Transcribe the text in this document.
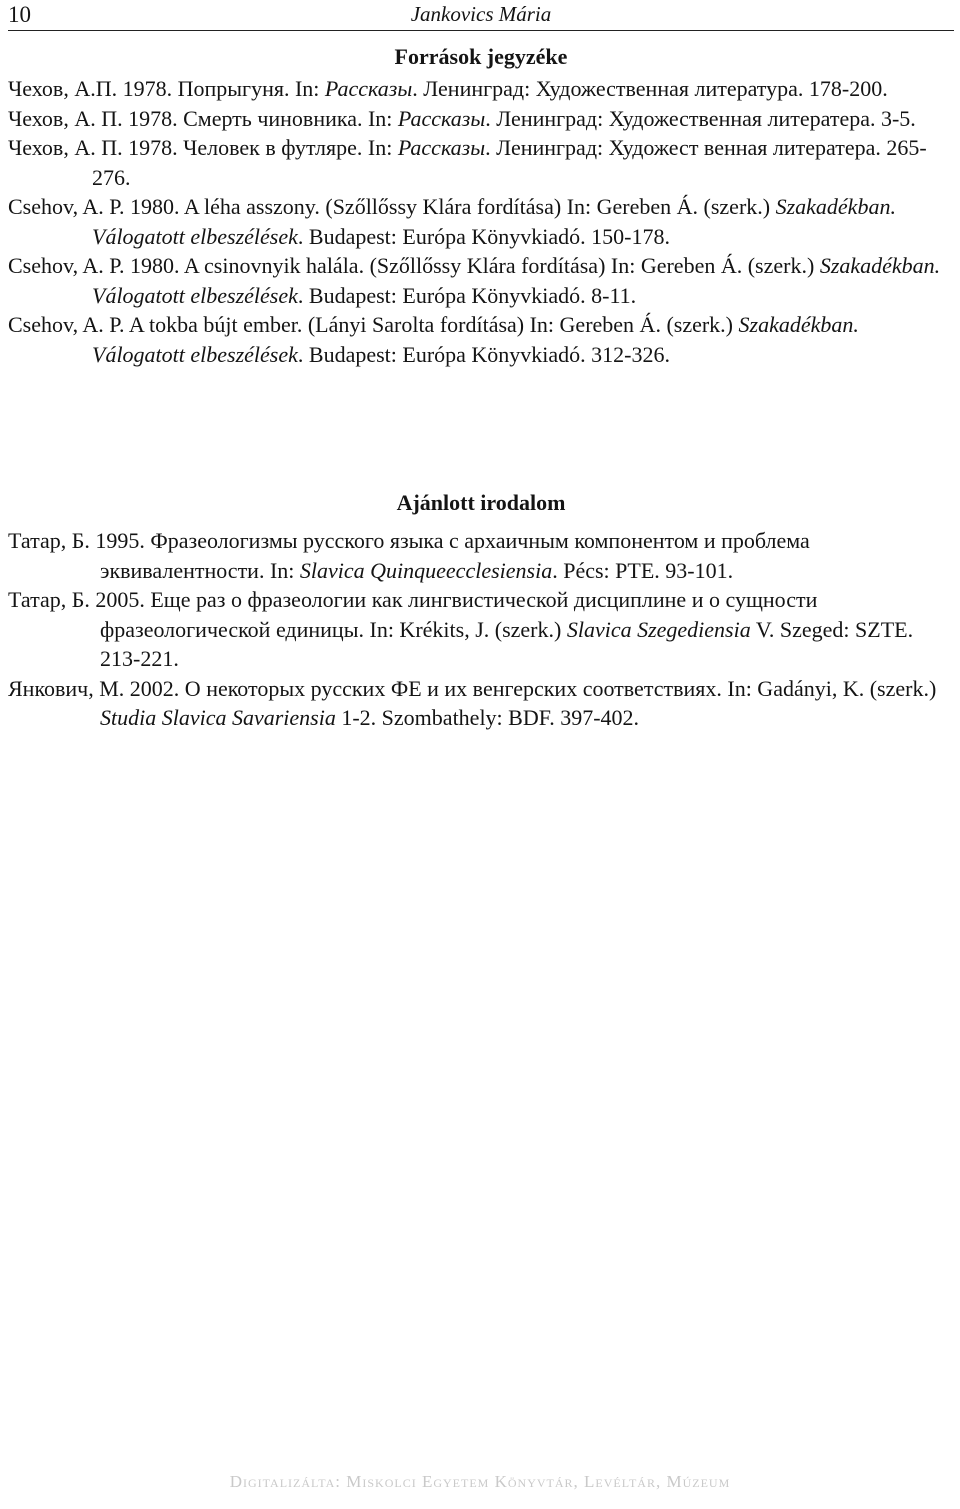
10	Jankovics Mária
Források jegyzéke
Чехов, А.П. 1978. Попрыгуня. In: Рассказы. Ленинград: Художественная литература. 178-200.
Чехов, А. П. 1978. Смерть чиновника. In: Рассказы. Ленинград: Художественная литератера. 3-5.
Чехов, А. П. 1978. Человек в футляре. In: Рассказы. Ленинград: Художест венная литератера. 265-276.
Csehov, A. P. 1980. A léha asszony. (Szőllőssy Klára fordítása) In: Gereben Á. (szerk.) Szakadékban. Válogatott elbeszélések. Budapest: Európa Könyvkiadó. 150-178.
Csehov, A. P. 1980. A csinovnyik halála. (Szőllőssy Klára fordítása) In: Gereben Á. (szerk.) Szakadékban. Válogatott elbeszélések. Budapest: Európa Könyvkiadó. 8-11.
Csehov, A. P. A tokba bújt ember. (Lányi Sarolta fordítása) In: Gereben Á. (szerk.) Szakadékban. Válogatott elbeszélések. Budapest: Európa Könyvkiadó. 312-326.
Ajánlott irodalom
Татар, Б. 1995. Фразеологизмы русского языка с архаичным компонентом и проблема эквивалентности. In: Slavica Quinqueecclesiensia. Pécs: PTE. 93-101.
Татар, Б. 2005. Еще раз о фразеологии как лингвистической дисциплине и о сущности фразеологической единицы. In: Krékits, J. (szerk.) Slavica Szegediensia V. Szeged: SZTE. 213-221.
Янкович, М. 2002. О некоторых русских ФЕ и их венгерских соответствиях. In: Gadányi, K. (szerk.) Studia Slavica Savariensia 1-2. Szombathely: BDF. 397-402.
Digitalizálta: Miskolci Egyetem Könyvtár, Levéltár, Múzeum
